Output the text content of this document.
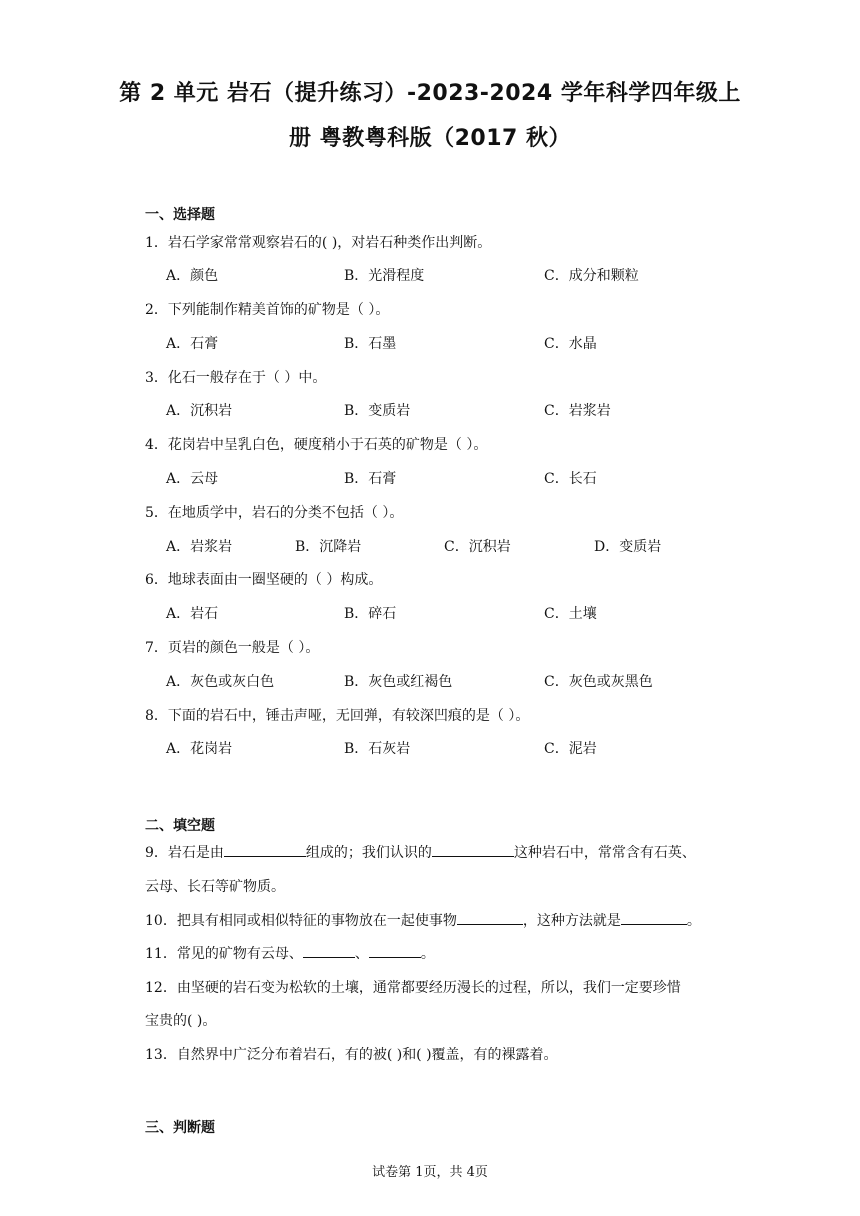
第 2 单元 岩石（提升练习）-2023-2024 学年科学四年级上
册 粤教粤科版（2017 秋）
一、选择题
1．岩石学家常常观察岩石的( )，对岩石种类作出判断。
A．颜色	B．光滑程度	C．成分和颗粒
2．下列能制作精美首饰的矿物是（ ）。
A．石膏	B．石墨	C．水晶
3．化石一般存在于（ ）中。
A．沉积岩	B．变质岩	C．岩浆岩
4．花岗岩中呈乳白色，硬度稍小于石英的矿物是（ ）。
A．云母	B．石膏	C．长石
5．在地质学中，岩石的分类不包括（ ）。
A．岩浆岩	B．沉降岩	C．沉积岩	D．变质岩
6．地球表面由一圈坚硬的（ ）构成。
A．岩石	B．碎石	C．土壤
7．页岩的颜色一般是（ ）。
A．灰色或灰白色	B．灰色或红褐色	C．灰色或灰黑色
8．下面的岩石中，锤击声哑，无回弹，有较深凹痕的是（ ）。
A．花岗岩	B．石灰岩	C．泥岩
二、填空题
9．岩石是由	组成的；我们认识的	这种岩石中，常常含有石英、
云母、长石等矿物质。
10．把具有相同或相似特征的事物放在一起使事物	，这种方法就是	。
11．常见的矿物有云母、	、	。
12．由坚硬的岩石变为松软的土壤，通常都要经历漫长的过程，所以，我们一定要珍惜
宝贵的( )。
13．自然界中广泛分布着岩石，有的被( )和( )覆盖，有的裸露着。
三、判断题
试卷第 1页，共 4页
